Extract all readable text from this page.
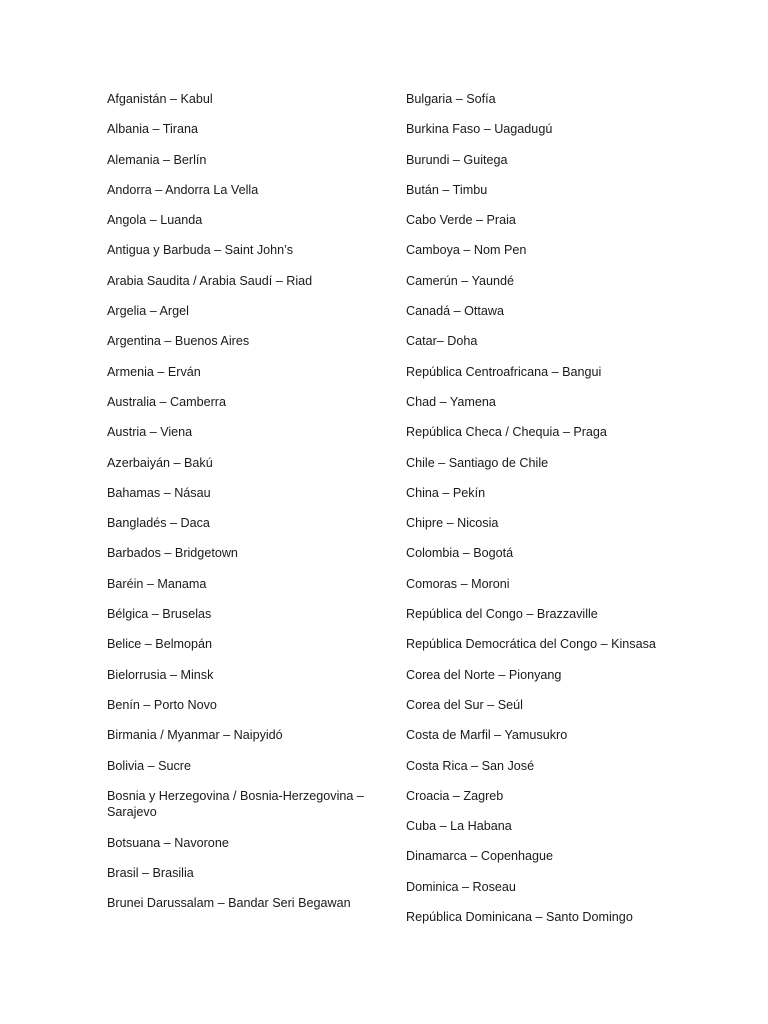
Afganistán – Kabul
Albania – Tirana
Alemania – Berlín
Andorra – Andorra La Vella
Angola – Luanda
Antigua y Barbuda – Saint John’s
Arabia Saudita / Arabia Saudí – Riad
Argelia – Argel
Argentina – Buenos Aires
Armenia – Erván
Australia – Camberra
Austria – Viena
Azerbaiyán – Bakú
Bahamas – Násau
Bangladés – Daca
Barbados – Bridgetown
Baréin – Manama
Bélgica – Bruselas
Belice – Belmopán
Bielorrusia – Minsk
Benín – Porto Novo
Birmania / Myanmar – Naipyidó
Bolivia – Sucre
Bosnia y Herzegovina / Bosnia-Herzegovina – Sarajevo
Botsuana – Navorone
Brasil – Brasilia
Brunei Darussalam – Bandar Seri Begawan
Bulgaria – Sofía
Burkina Faso – Uagadugú
Burundi – Guitega
Bután – Timbu
Cabo Verde – Praia
Camboya – Nom Pen
Camerún – Yaundé
Canadá – Ottawa
Catar– Doha
República Centroafricana – Bangui
Chad – Yamena
República Checa / Chequia – Praga
Chile – Santiago de Chile
China – Pekín
Chipre – Nicosia
Colombia – Bogotá
Comoras – Moroni
República del Congo – Brazzaville
República Democrática del Congo – Kinsasa
Corea del Norte – Pionyang
Corea del Sur – Seúl
Costa de Marfil – Yamusukro
Costa Rica – San José
Croacia – Zagreb
Cuba – La Habana
Dinamarca – Copenhague
Dominica – Roseau
República Dominicana – Santo Domingo
